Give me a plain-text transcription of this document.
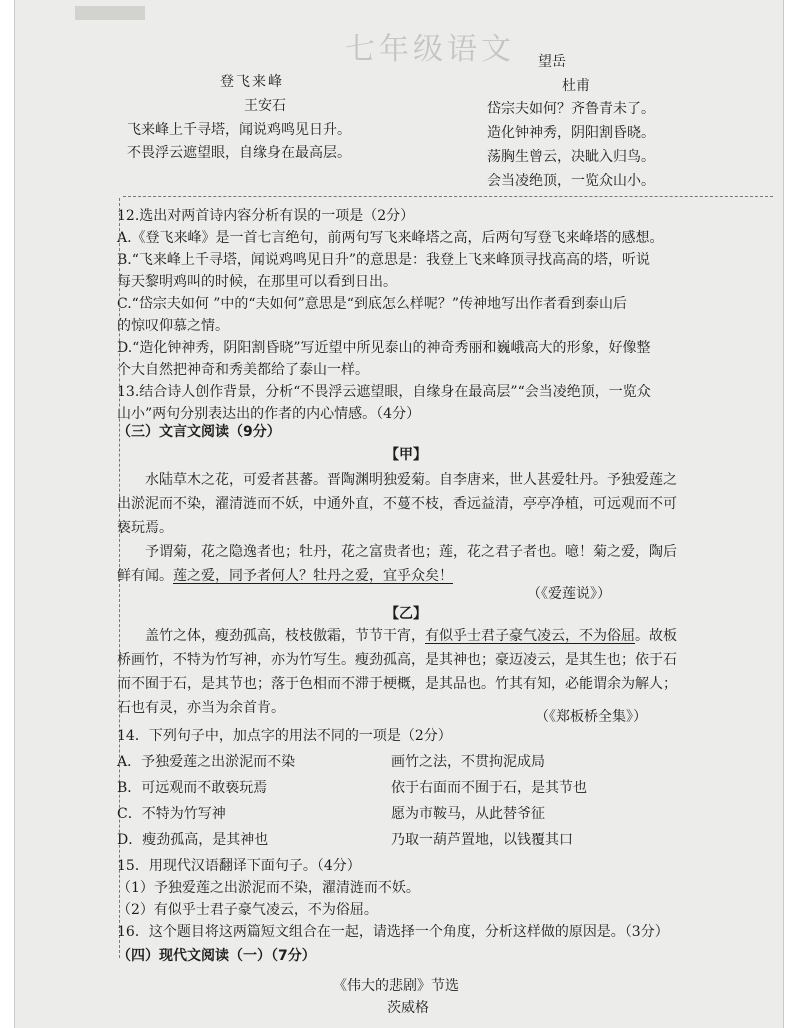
七年级语文
登飞来峰
王安石
飞来峰上千寻塔，闻说鸡鸣见日升。
不畏浮云遮望眼，自缘身在最高层。
望岳
杜甫
岱宗夫如何？齐鲁青未了。
造化钟神秀，阴阳割昏晓。
荡胸生曾云，决眦入归鸟。
会当凌绝顶，一览众山小。
12.选出对两首诗内容分析有误的一项是（2分）
A.《登飞来峰》是一首七言绝句，前两句写飞来峰塔之高，后两句写登飞来峰塔的感想。
B.“飞来峰上千寻塔，闻说鸡鸣见日升”的意思是：我登上飞来峰顶寻找高高的塔，听说
每天黎明鸡叫的时候，在那里可以看到日出。
C.“岱宗夫如何 ”中的“夫如何”意思是“到底怎么样呢？”传神地写出作者看到泰山后
的惊叹仰慕之情。
D.“造化钟神秀，阴阳割昏晓”写近望中所见泰山的神奇秀丽和巍峨高大的形象，好像整
个大自然把神奇和秀美都给了泰山一样。
13.结合诗人创作背景，分析“不畏浮云遮望眼，自缘身在最高层”“会当凌绝顶，一览众
山小”两句分别表达出的作者的内心情感。（4分）
（三）文言文阅读（9分）
【甲】
水陆草木之花，可爱者甚蕃。晋陶渊明独爱菊。自李唐来，世人甚爱牡丹。予独爱莲之
出淤泥而不染，濯清涟而不妖，中通外直，不蔓不枝，香远益清，亭亭净植，可远观而不可
亵玩焉。
予谓菊，花之隐逸者也；牡丹，花之富贵者也；莲，花之君子者也。噫！菊之爱，陶后
鲜有闻。莲之爱，同予者何人？牡丹之爱，宜乎众矣！
（《爱莲说》）
【乙】
盖竹之体，瘦劲孤高，枝枝傲霜，节节干宵，有似乎士君子豪气凌云，不为俗屈。故板
桥画竹，不特为竹写神，亦为竹写生。瘦劲孤高，是其神也；豪迈凌云，是其生也；依于石
而不囿于石，是其节也；落于色相而不滞于梗概，是其品也。竹其有知，必能谓余为解人；
石也有灵，亦当为余首肯。
（《郑板桥全集》）
14．下列句子中，加点字的用法不同的一项是（2分）
A．予独爱莲之出淤泥而不染	画竹之法，不贯拘泥成局
B．可远观而不敢亵玩焉	依于右面而不囿于石，是其节也
C．不特为竹写神	愿为市鞍马，从此替爷征
D．瘦劲孤高，是其神也	乃取一葫芦置地，以钱覆其口
15．用现代汉语翻译下面句子。（4分）
（1）予独爱莲之出淤泥而不染，濯清涟而不妖。
（2）有似乎士君子豪气凌云，不为俗屈。
16．这个题目将这两篇短文组合在一起，请选择一个角度，分析这样做的原因是。（3分）
（四）现代文阅读（一）（7分）
《伟大的悲剧》节选
茨威格
